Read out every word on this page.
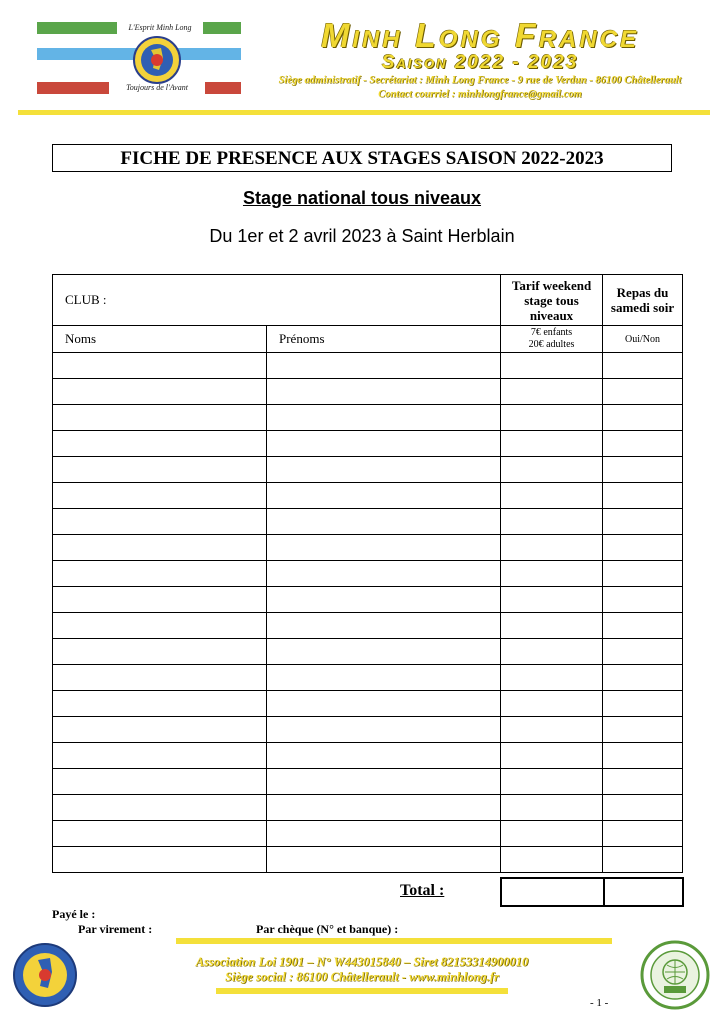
L'Esprit Minh Long
Toujours de l'Avant
Minh Long France
Saison 2022 - 2023
Siège administratif - Secrétariat : Minh Long France - 9 rue de Verdun - 86100 Châtellerault
Contact courriel : minhlongfrance@gmail.com
FICHE DE PRESENCE AUX STAGES SAISON 2022-2023
Stage national tous niveaux
Du 1er et 2 avril 2023 à Saint Herblain
CLUB :		Tarif weekend stage tous niveaux	Repas du samedi soir
Noms	Prénoms	7€ enfants
20€ adultes	Oui/Non

Total :
Payé le :
Par virement :	Par chèque (N° et banque) :
Association Loi 1901 – N° W443015840 – Siret 82153314900010
Siège social : 86100 Châtellerault - www.minhlong.fr
- 1 -
